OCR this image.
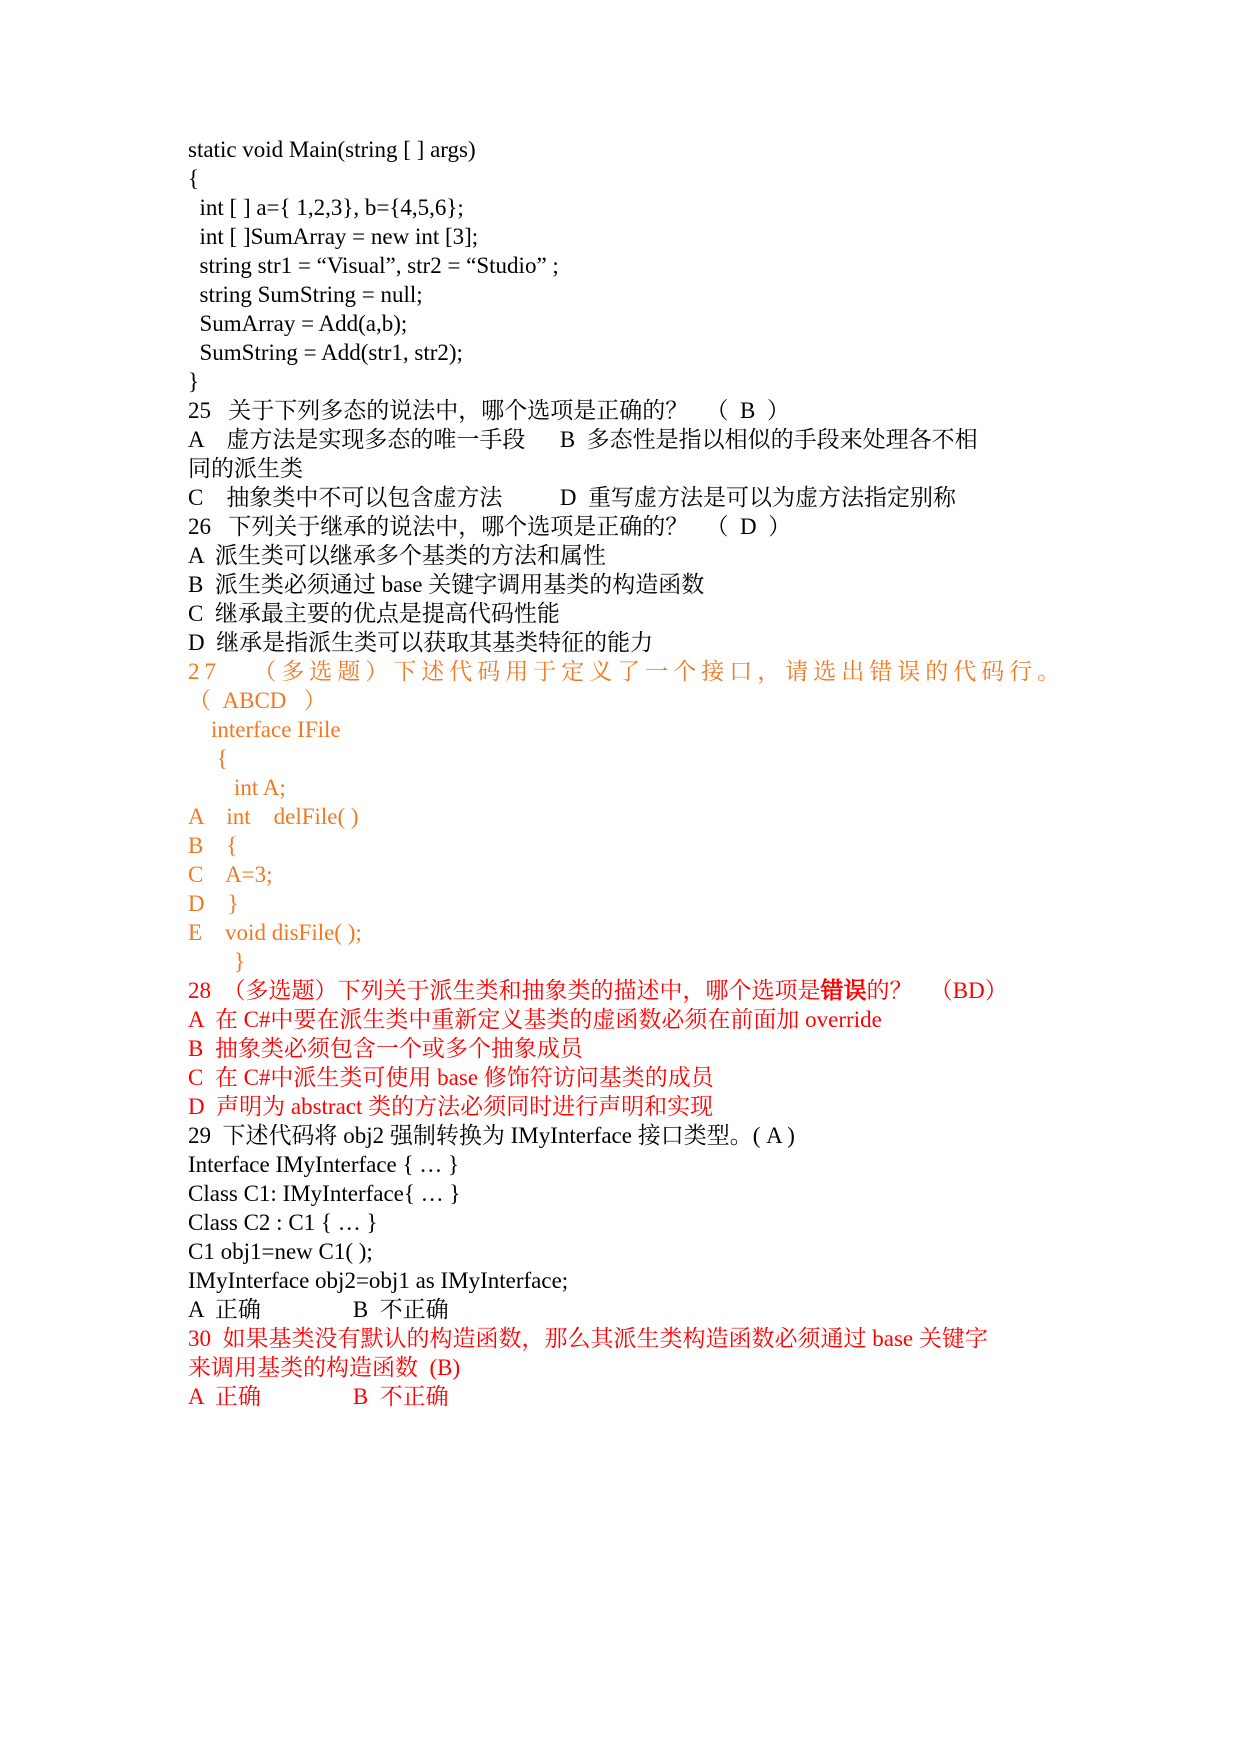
static void Main(string [ ] args)
{
int [ ] a={ 1,2,3}, b={4,5,6};
int [ ]SumArray = new int [3];
string str1 = “Visual”, str2 = “Studio” ;
string SumString = null;
SumArray = Add(a,b);
SumString = Add(str1, str2);
}
25   关于下列多态的说法中，哪个选项是正确的？   （  B  ）
A    虚方法是实现多态的唯一手段      B  多态性是指以相似的手段来处理各不相
同的派生类
C    抽象类中不可以包含虚方法          D  重写虚方法是可以为虚方法指定别称
26   下列关于继承的说法中，哪个选项是正确的？   （  D  ）
A  派生类可以继承多个基类的方法和属性
B  派生类必须通过 base 关键字调用基类的构造函数
C  继承最主要的优点是提高代码性能
D  继承是指派生类可以获取其基类特征的能力
27   （多选题）下述代码用于定义了一个接口，请选出错误的代码行。
（  ABCD   ）
interface IFile
{
int A;
A    int    delFile( )
B    {
C    A=3;
D    }
E    void disFile( );
}
28  （多选题）下列关于派生类和抽象类的描述中，哪个选项是错误的？   （BD）
A  在 C#中要在派生类中重新定义基类的虚函数必须在前面加 override
B  抽象类必须包含一个或多个抽象成员
C  在 C#中派生类可使用 base 修饰符访问基类的成员
D  声明为 abstract 类的方法必须同时进行声明和实现
29  下述代码将 obj2 强制转换为 IMyInterface 接口类型。( A )
Interface IMyInterface { … }
Class C1: IMyInterface{ … }
Class C2 : C1 { … }
C1 obj1=new C1( );
IMyInterface obj2=obj1 as IMyInterface;
A  正确                B  不正确
30  如果基类没有默认的构造函数，那么其派生类构造函数必须通过 base 关键字
来调用基类的构造函数  (B)
A  正确                B  不正确
